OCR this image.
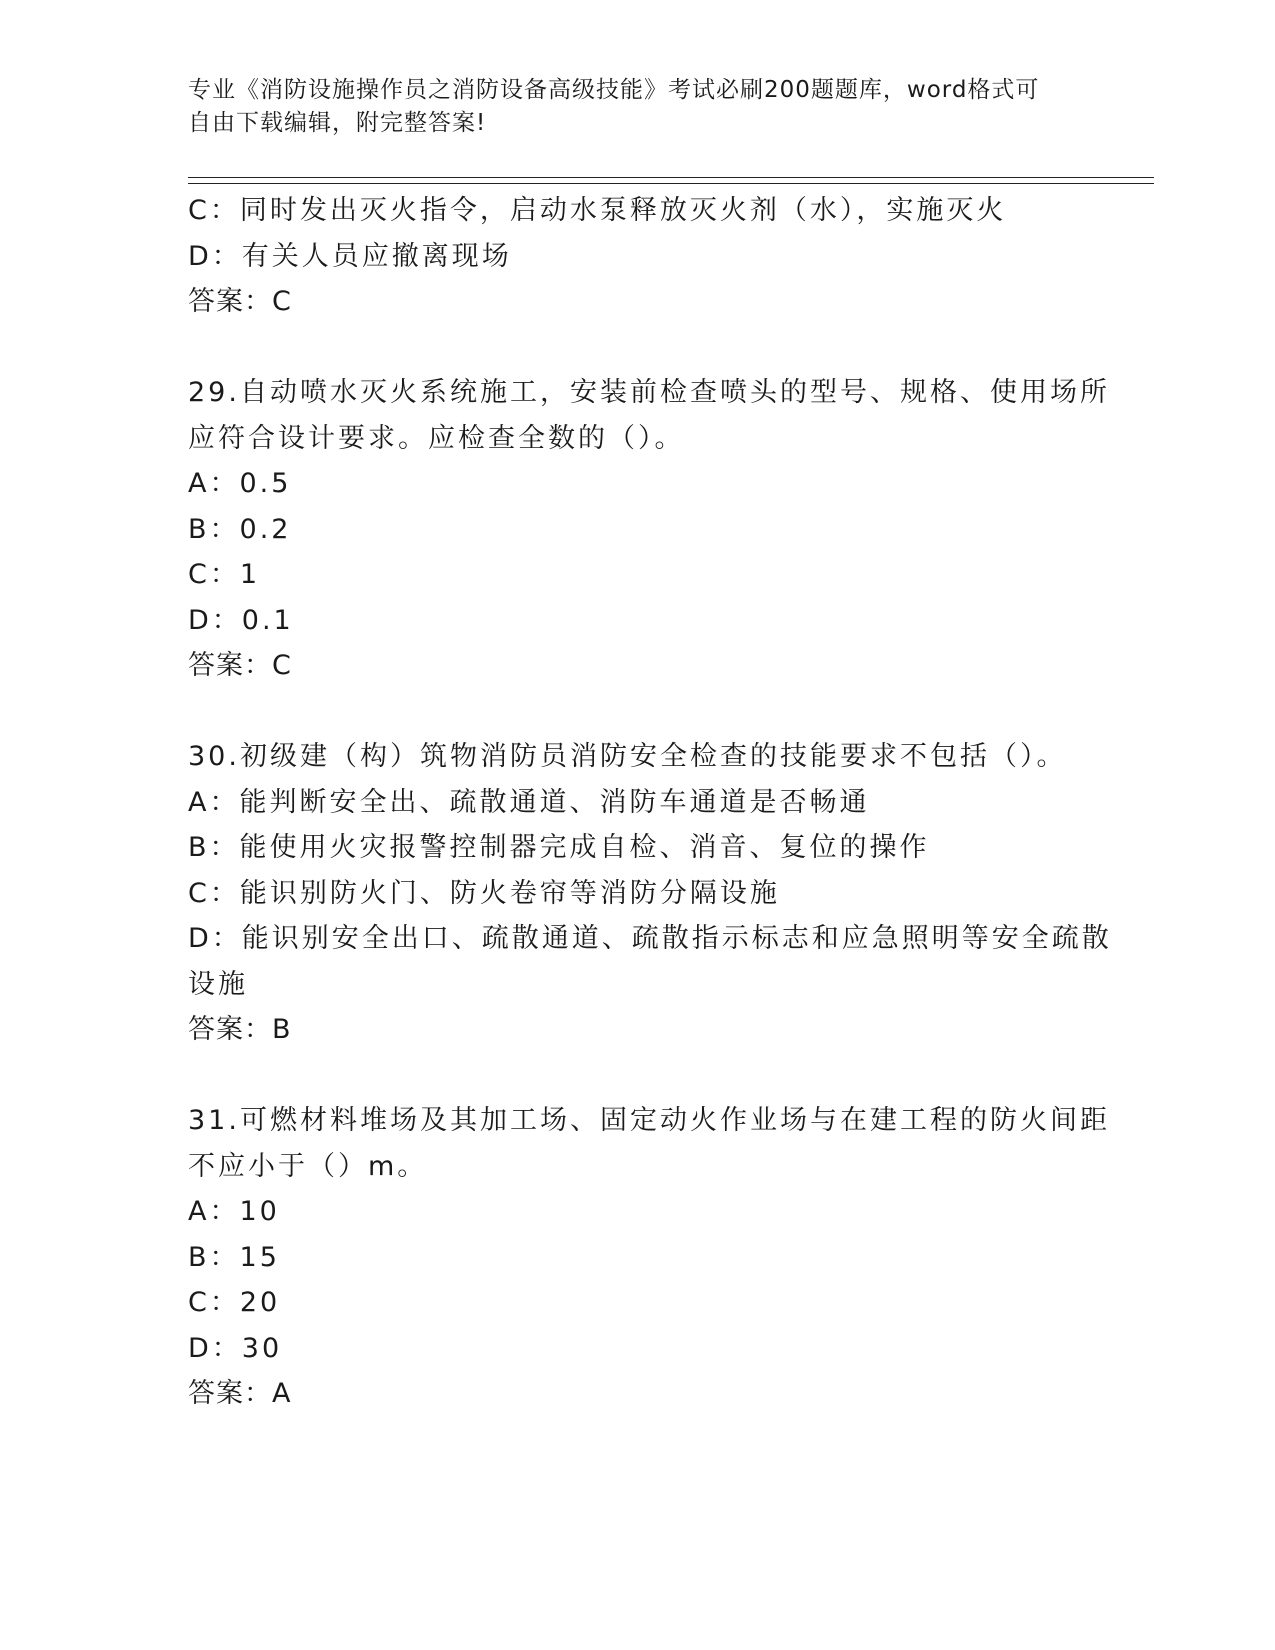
专业《消防设施操作员之消防设备高级技能》考试必刷200题题库，word格式可
自由下载编辑，附完整答案!
C：同时发出灭火指令，启动水泵释放灭火剂（水），实施灭火
D：有关人员应撤离现场
答案：C
29.自动喷水灭火系统施工，安装前检查喷头的型号、规格、使用场所
应符合设计要求。应检查全数的（）。
A：0.5
B：0.2
C：1
D：0.1
答案：C
30.初级建（构）筑物消防员消防安全检查的技能要求不包括（）。
A：能判断安全出、疏散通道、消防车通道是否畅通
B：能使用火灾报警控制器完成自检、消音、复位的操作
C：能识别防火门、防火卷帘等消防分隔设施
D：能识别安全出口、疏散通道、疏散指示标志和应急照明等安全疏散
设施
答案：B
31.可燃材料堆场及其加工场、固定动火作业场与在建工程的防火间距
不应小于（）m。
A：10
B：15
C：20
D：30
答案：A
